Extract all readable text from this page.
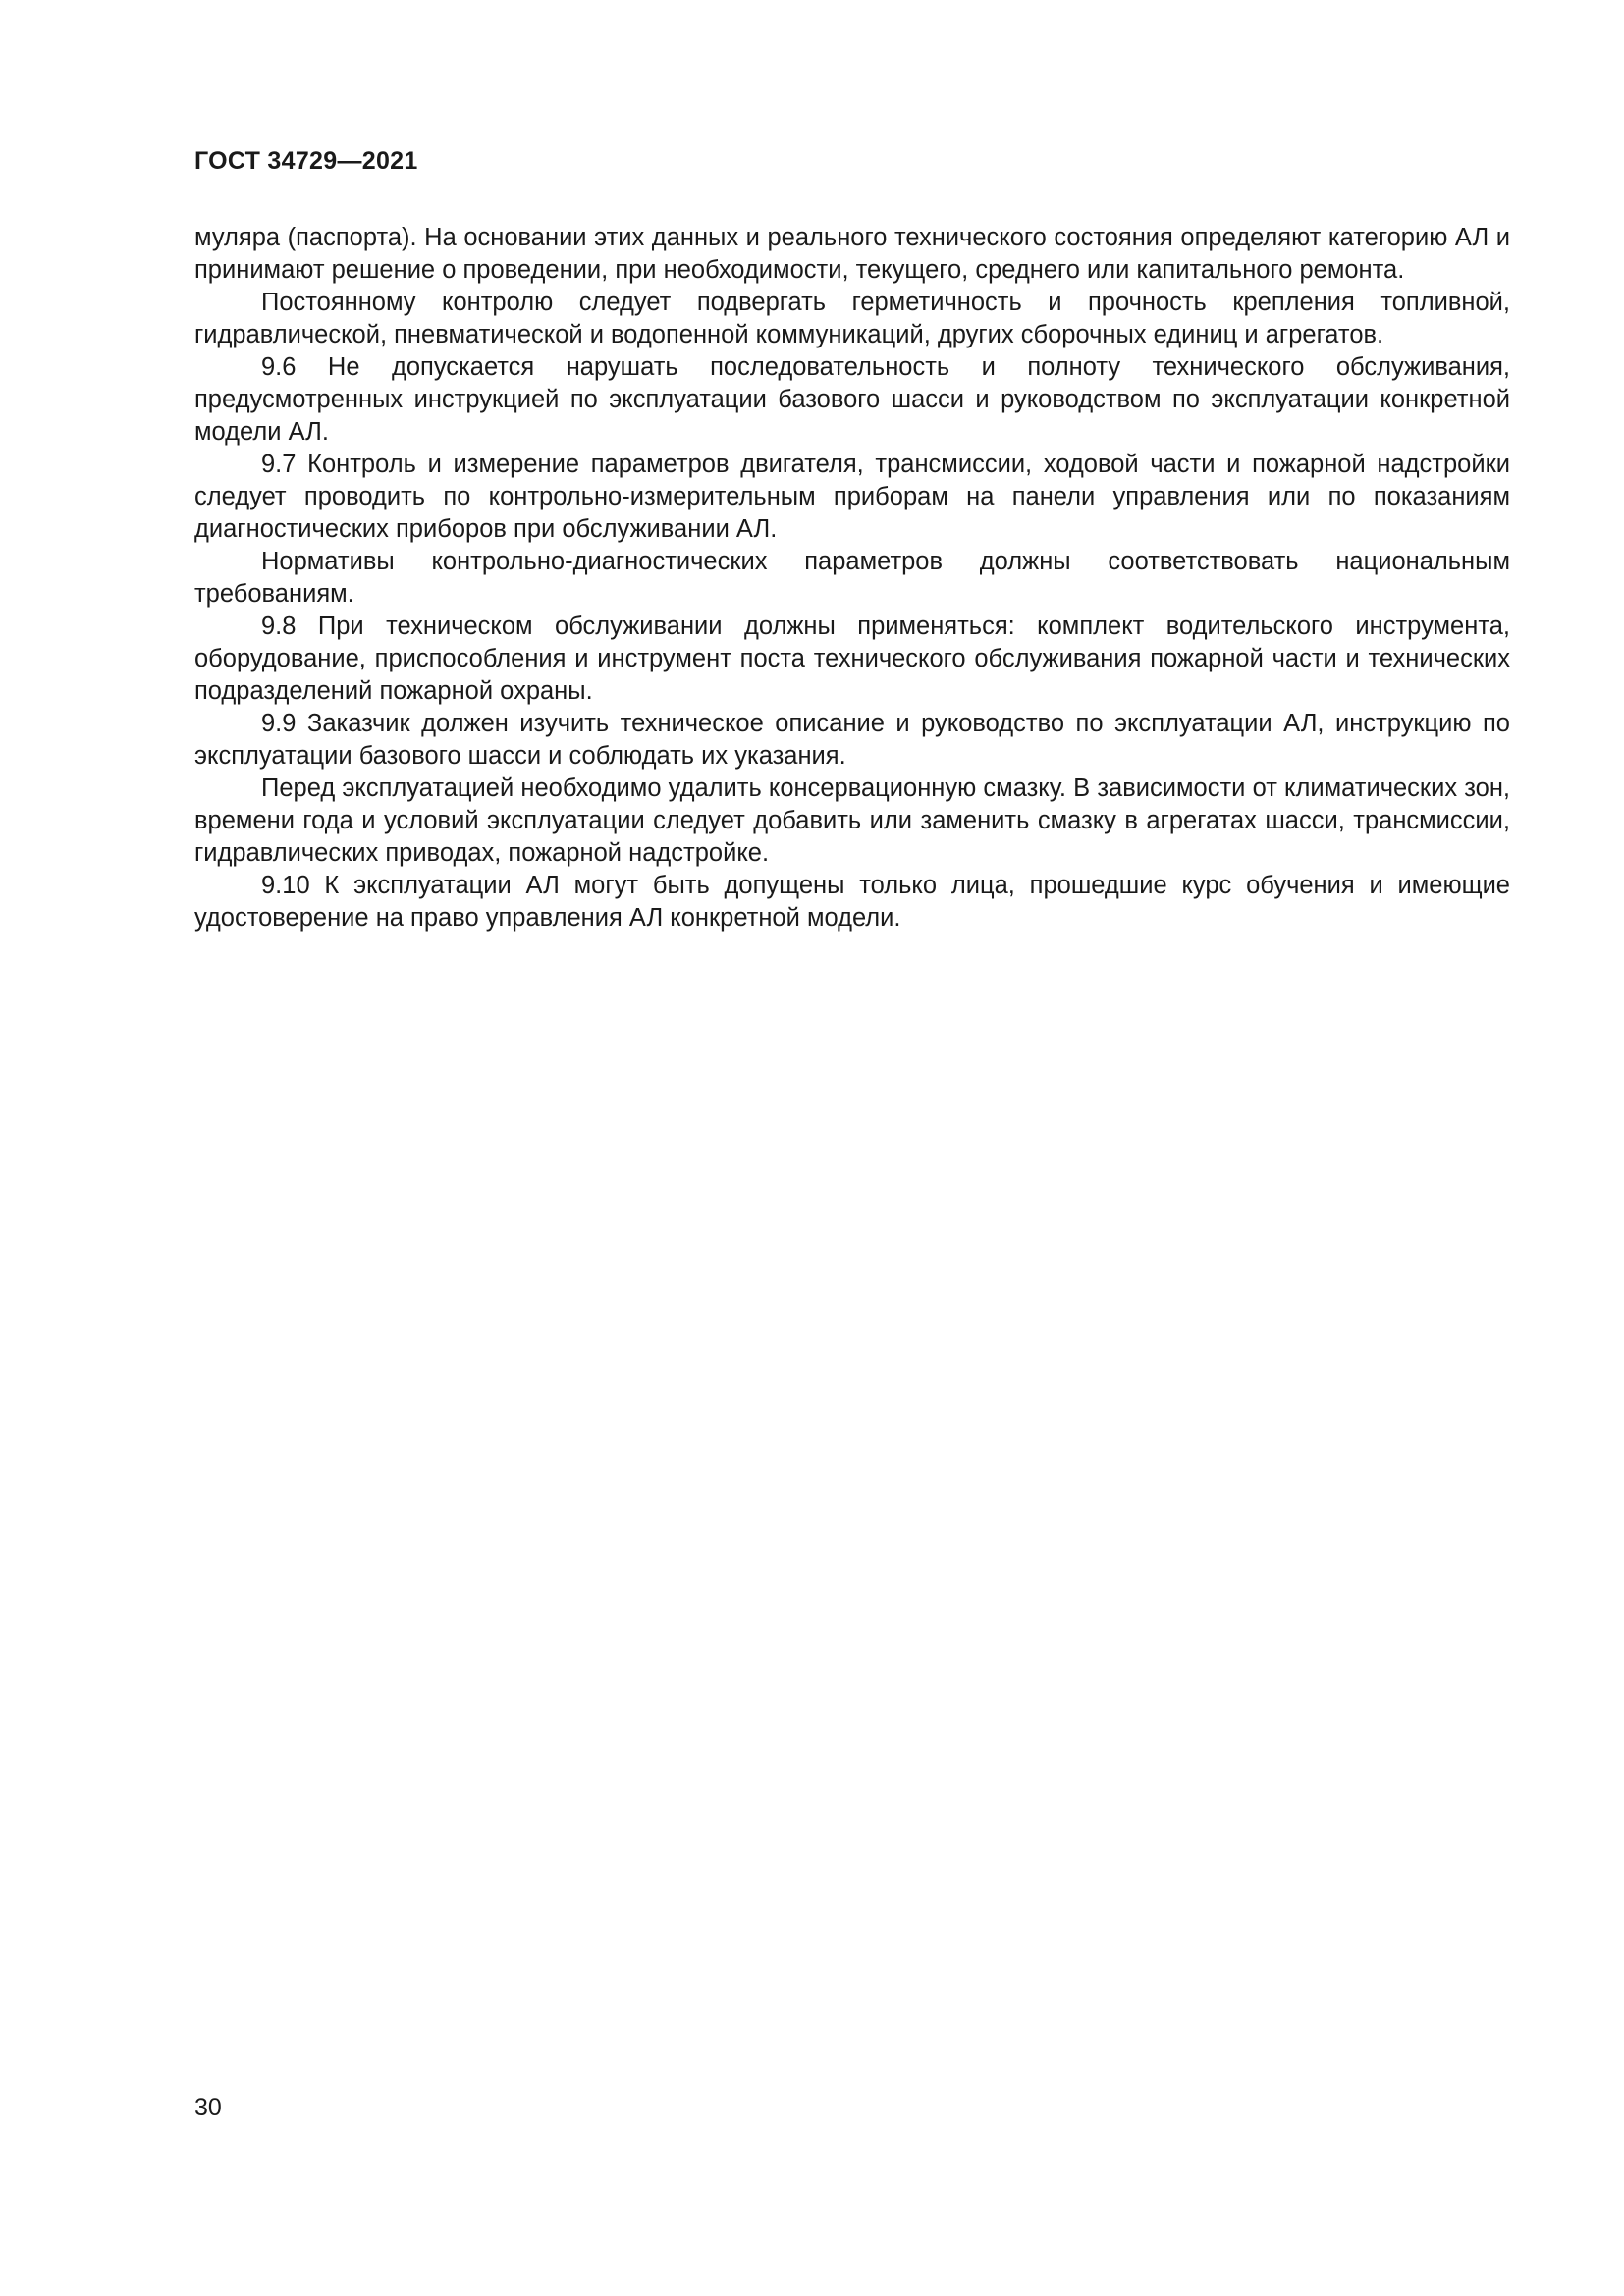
ГОСТ 34729—2021

муляра (паспорта). На основании этих данных и реального технического состояния определяют категорию АЛ и принимают решение о проведении, при необходимости, текущего, среднего или капитального ремонта.

Постоянному контролю следует подвергать герметичность и прочность крепления топливной, гидравлической, пневматической и водопенной коммуникаций, других сборочных единиц и агрегатов.

9.6 Не допускается нарушать последовательность и полноту технического обслуживания, предусмотренных инструкцией по эксплуатации базового шасси и руководством по эксплуатации конкретной модели АЛ.

9.7 Контроль и измерение параметров двигателя, трансмиссии, ходовой части и пожарной надстройки следует проводить по контрольно-измерительным приборам на панели управления или по показаниям диагностических приборов при обслуживании АЛ.

Нормативы контрольно-диагностических параметров должны соответствовать национальным требованиям.

9.8 При техническом обслуживании должны применяться: комплект водительского инструмента, оборудование, приспособления и инструмент поста технического обслуживания пожарной части и технических подразделений пожарной охраны.

9.9 Заказчик должен изучить техническое описание и руководство по эксплуатации АЛ, инструкцию по эксплуатации базового шасси и соблюдать их указания.

Перед эксплуатацией необходимо удалить консервационную смазку. В зависимости от климатических зон, времени года и условий эксплуатации следует добавить или заменить смазку в агрегатах шасси, трансмиссии, гидравлических приводах, пожарной надстройке.

9.10 К эксплуатации АЛ могут быть допущены только лица, прошедшие курс обучения и имеющие удостоверение на право управления АЛ конкретной модели.

30
